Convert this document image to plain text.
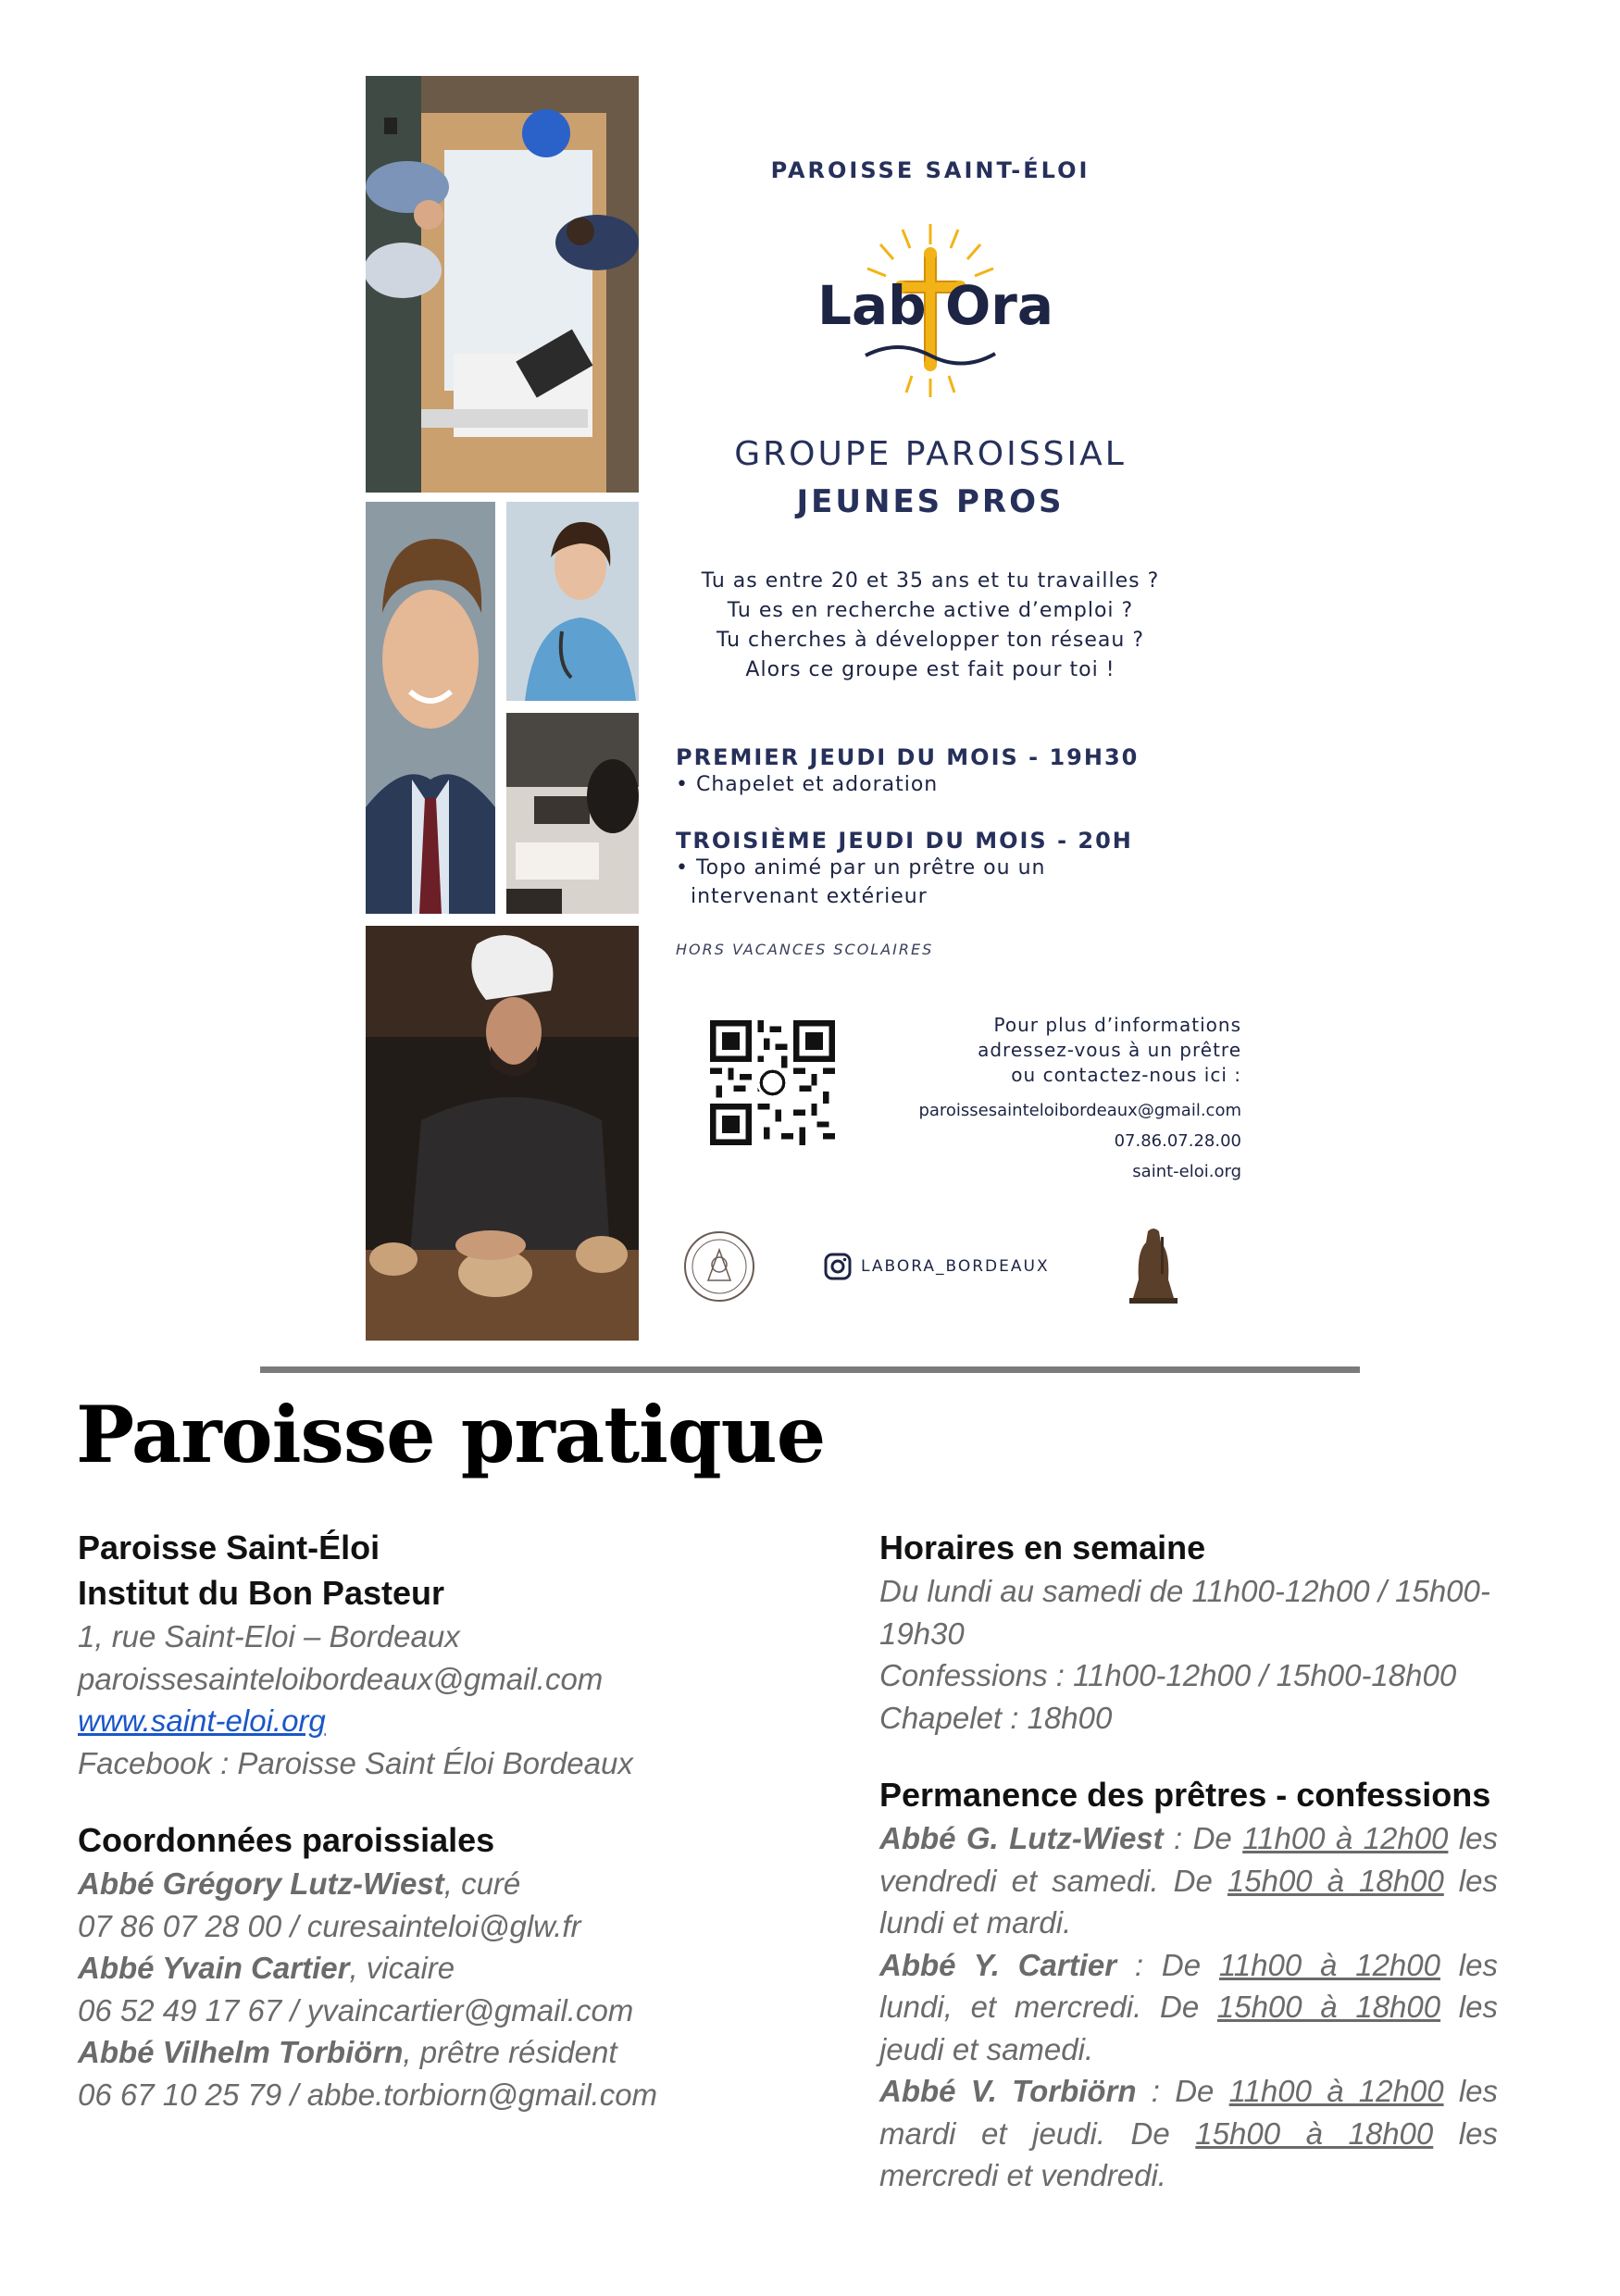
PAROISSE SAINT-ÉLOI
Lab Ora
GROUPE PAROISSIAL
JEUNES PROS
Tu as entre 20 et 35 ans et tu travailles ?
Tu es en recherche active d’emploi ?
Tu cherches à développer ton réseau ?
Alors ce groupe est fait pour toi !
PREMIER JEUDI DU MOIS - 19H30
• Chapelet et adoration
TROISIÈME JEUDI DU MOIS - 20H
• Topo animé par un prêtre ou un
intervenant extérieur
HORS VACANCES SCOLAIRES
Pour plus d’informations
adressez-vous à un prêtre
ou contactez-nous ici :
paroissesainteloibordeaux@gmail.com
07.86.07.28.00
saint-eloi.org
LABORA_BORDEAUX
Paroisse pratique
Paroisse Saint-Éloi
Institut du Bon Pasteur
1, rue Saint-Eloi – Bordeaux
paroissesainteloibordeaux@gmail.com
www.saint-eloi.org
Facebook : Paroisse Saint Éloi Bordeaux
Coordonnées paroissiales
Abbé Grégory Lutz-Wiest, curé
07 86 07 28 00 / curesainteloi@glw.fr
Abbé Yvain Cartier, vicaire
06 52 49 17 67 / yvaincartier@gmail.com
Abbé Vilhelm Torbiörn, prêtre résident
06 67 10 25 79 / abbe.torbiorn@gmail.com
Horaires en semaine
Du lundi au samedi de 11h00-12h00 / 15h00-19h30
Confessions : 11h00-12h00 / 15h00-18h00
Chapelet : 18h00
Permanence des prêtres - confessions
Abbé G. Lutz-Wiest : De 11h00 à 12h00 les vendredi et samedi. De 15h00 à 18h00 les lundi et mardi.
Abbé Y. Cartier : De 11h00 à 12h00 les lundi, et mercredi. De 15h00 à 18h00 les jeudi et samedi.
Abbé V. Torbiörn : De 11h00 à 12h00 les mardi et jeudi. De 15h00 à 18h00 les mercredi et vendredi.
